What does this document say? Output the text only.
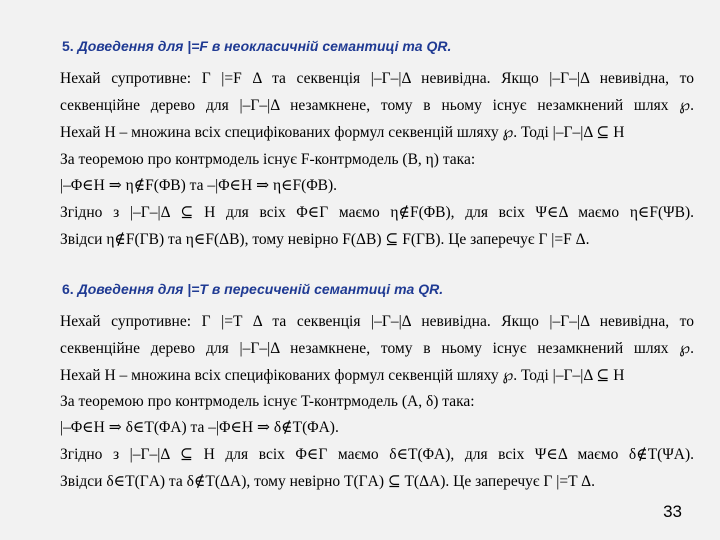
5. Доведення для |=F в неокласичній семантиці та QR.
Нехай супротивне: Γ |=F Δ та секвенція |–Γ–|Δ невивідна. Якщо |–Γ–|Δ невивідна, то
секвенційне дерево для |–Γ–|Δ незамкнене, тому в ньому існує незамкнений шлях ℘.
Нехай H – множина всіх специфікованих формул секвенцій шляху ℘. Тоді |–Γ–|Δ ⊆ H
За теоремою про контрмодель існує F-контрмодель (B, η) така:
|–Φ∈H ⇒ η∉F(ΦB) та –|Φ∈H ⇒ η∈F(ΦB).
Згідно з |–Γ–|Δ ⊆ H для всіх Φ∈Γ маємо η∉F(ΦB), для всіх Ψ∈Δ маємо η∈F(ΨB).
Звідси η∉F(ΓB) та η∈F(ΔB), тому невірно F(ΔB) ⊆ F(ΓB). Це заперечує Γ |=F Δ.
6. Доведення для |=T в пересиченій семантиці та QR.
Нехай супротивне: Γ |=T Δ та секвенція |–Γ–|Δ невивідна. Якщо |–Γ–|Δ невивідна, то
секвенційне дерево для |–Γ–|Δ незамкнене, тому в ньому існує незамкнений шлях ℘.
Нехай H – множина всіх специфікованих формул секвенцій шляху ℘. Тоді |–Γ–|Δ ⊆ H
За теоремою про контрмодель існує T-контрмодель (A, δ) така:
|–Φ∈H ⇒ δ∈T(ΦA) та –|Φ∈H ⇒ δ∉T(ΦA).
Згідно з |–Γ–|Δ ⊆ H для всіх Φ∈Γ маємо δ∈T(ΦA), для всіх Ψ∈Δ маємо δ∉T(ΨA).
Звідси δ∈T(ΓA) та δ∉T(ΔA), тому невірно T(ΓA) ⊆ T(ΔA). Це заперечує Γ |=T Δ.
33
